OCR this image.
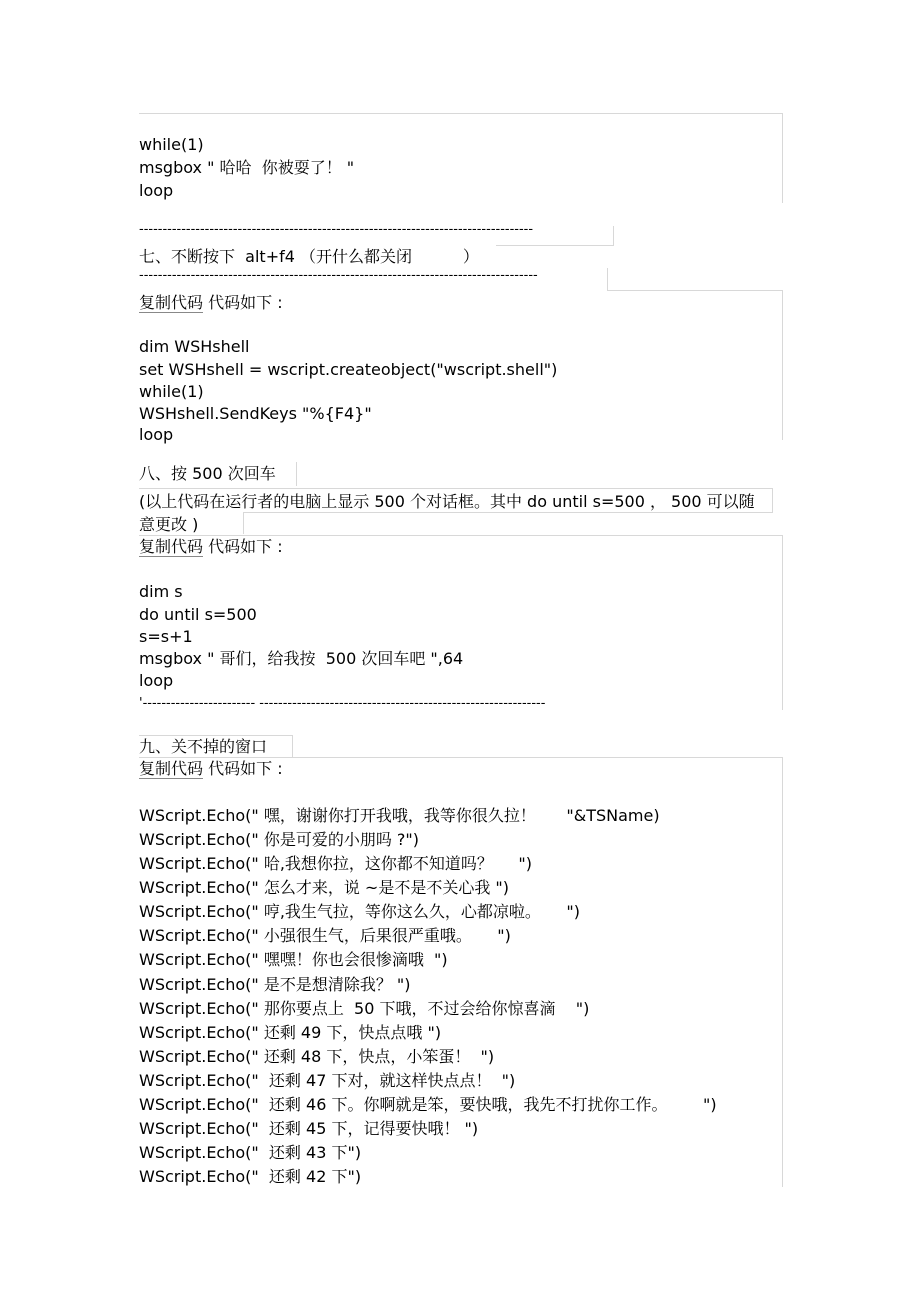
while(1)
msgbox " 哈哈  你被耍了！ "
loop
------------------------------------------------------------------------------------
七、不断按下  alt+f4 （开什么都关闭          ）
-------------------------------------------------------------------------------------
复制代码 代码如下 :
dim WSHshell
set WSHshell = wscript.createobject("wscript.shell")
while(1)
WSHshell.SendKeys "%{F4}"
loop
八、按 500 次回车
(以上代码在运行者的电脑上显示 500 个对话框。其中 do until s=500 ， 500 可以随
意更改 )
复制代码 代码如下 :
dim s
do until s=500
s=s+1
msgbox " 哥们，给我按  500 次回车吧 ",64
loop
'------------------------ -------------------------------------------------------------
九、关不掉的窗口
复制代码 代码如下 :
WScript.Echo(" 嘿，谢谢你打开我哦，我等你很久拉！      "&TSName)
WScript.Echo(" 你是可爱的小朋吗 ?")
WScript.Echo(" 哈,我想你拉，这你都不知道吗？     ")
WScript.Echo(" 怎么才来，说 ~是不是不关心我 ")
WScript.Echo(" 哼,我生气拉，等你这么久，心都凉啦。     ")
WScript.Echo(" 小强很生气，后果很严重哦。     ")
WScript.Echo(" 嘿嘿！你也会很惨滴哦  ")
WScript.Echo(" 是不是想清除我？ ")
WScript.Echo(" 那你要点上  50 下哦，不过会给你惊喜滴    ")
WScript.Echo(" 还剩 49 下，快点点哦 ")
WScript.Echo(" 还剩 48 下，快点，小笨蛋！  ")
WScript.Echo("  还剩 47 下对，就这样快点点！  ")
WScript.Echo("  还剩 46 下。你啊就是笨，要快哦，我先不打扰你工作。       ")
WScript.Echo("  还剩 45 下，记得要快哦！ ")
WScript.Echo("  还剩 43 下")
WScript.Echo("  还剩 42 下")
